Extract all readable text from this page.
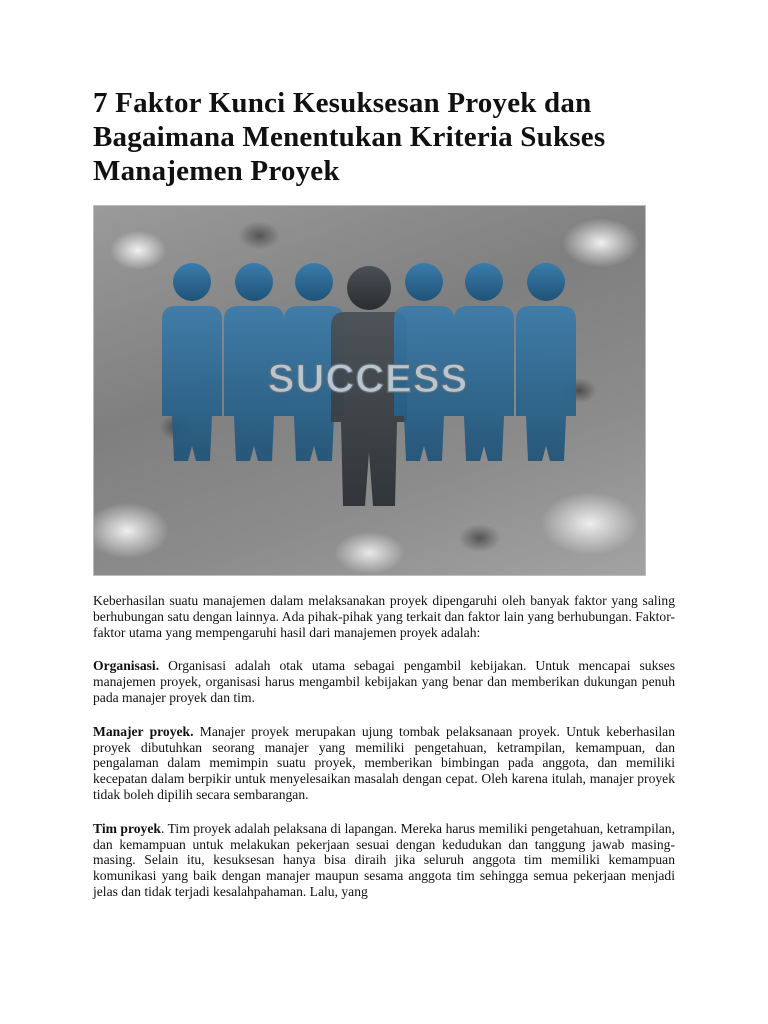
7 Faktor Kunci Kesuksesan Proyek dan Bagaimana Menentukan Kriteria Sukses Manajemen Proyek
SUCCESS

Keberhasilan suatu manajemen dalam melaksanakan proyek dipengaruhi oleh banyak faktor yang saling berhubungan satu dengan lainnya. Ada pihak-pihak yang terkait dan faktor lain yang berhubungan. Faktor-faktor utama yang mempengaruhi hasil dari manajemen proyek adalah:

Organisasi. Organisasi adalah otak utama sebagai pengambil kebijakan. Untuk mencapai sukses manajemen proyek, organisasi harus mengambil kebijakan yang benar dan memberikan dukungan penuh pada manajer proyek dan tim.

Manajer proyek. Manajer proyek merupakan ujung tombak pelaksanaan proyek. Untuk keberhasilan proyek dibutuhkan seorang manajer yang memiliki pengetahuan, ketrampilan, kemampuan, dan pengalaman dalam memimpin suatu proyek, memberikan bimbingan pada anggota, dan memiliki kecepatan dalam berpikir untuk menyelesaikan masalah dengan cepat. Oleh karena itulah, manajer proyek tidak boleh dipilih secara sembarangan.

Tim proyek. Tim proyek adalah pelaksana di lapangan. Mereka harus memiliki pengetahuan, ketrampilan, dan kemampuan untuk melakukan pekerjaan sesuai dengan kedudukan dan tanggung jawab masing-masing. Selain itu, kesuksesan hanya bisa diraih jika seluruh anggota tim memiliki kemampuan komunikasi yang baik dengan manajer maupun sesama anggota tim sehingga semua pekerjaan menjadi jelas dan tidak terjadi kesalahpahaman. Lalu, yang
